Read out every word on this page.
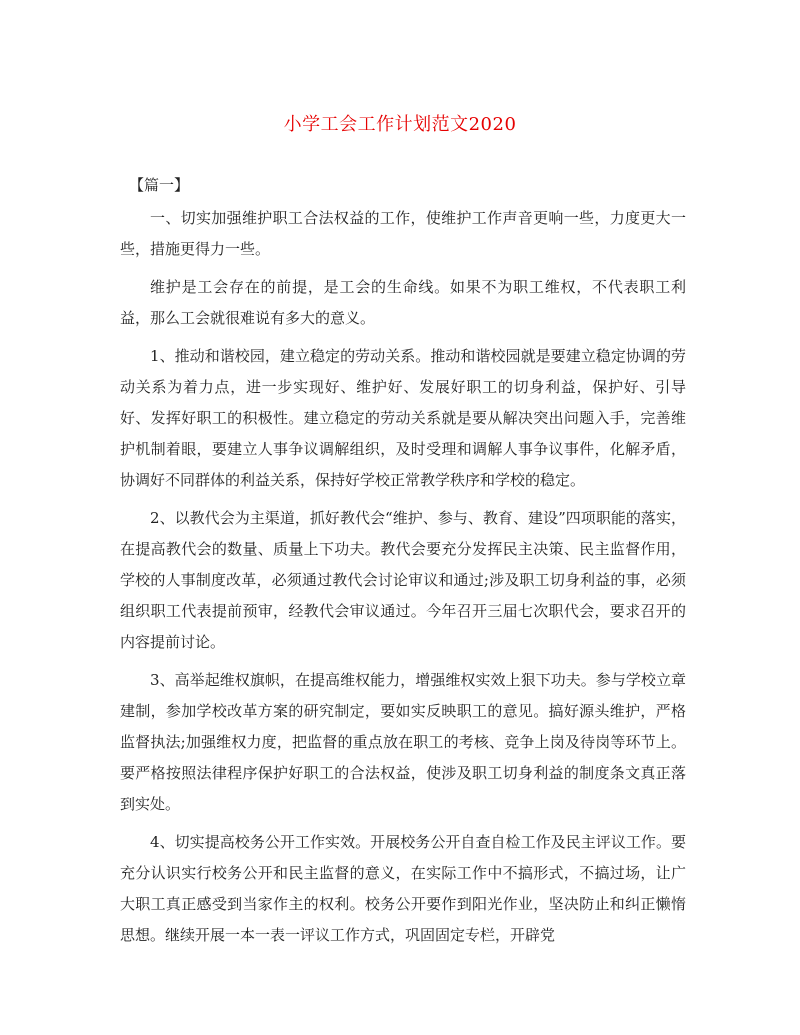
小学工会工作计划范文2020

【篇一】

一、切实加强维护职工合法权益的工作，使维护工作声音更响一些，力度更大一些，措施更得力一些。

维护是工会存在的前提，是工会的生命线。如果不为职工维权，不代表职工利益，那么工会就很难说有多大的意义。

1、推动和谐校园，建立稳定的劳动关系。推动和谐校园就是要建立稳定协调的劳动关系为着力点，进一步实现好、维护好、发展好职工的切身利益，保护好、引导好、发挥好职工的积极性。建立稳定的劳动关系就是要从解决突出问题入手，完善维护机制着眼，要建立人事争议调解组织，及时受理和调解人事争议事件，化解矛盾，协调好不同群体的利益关系，保持好学校正常教学秩序和学校的稳定。

2、以教代会为主渠道，抓好教代会“维护、参与、教育、建设”四项职能的落实，在提高教代会的数量、质量上下功夫。教代会要充分发挥民主决策、民主监督作用，学校的人事制度改革，必须通过教代会讨论审议和通过;涉及职工切身利益的事，必须组织职工代表提前预审，经教代会审议通过。今年召开三届七次职代会，要求召开的内容提前讨论。

3、高举起维权旗帜，在提高维权能力，增强维权实效上狠下功夫。参与学校立章建制，参加学校改革方案的研究制定，要如实反映职工的意见。搞好源头维护，严格监督执法;加强维权力度，把监督的重点放在职工的考核、竞争上岗及待岗等环节上。要严格按照法律程序保护好职工的合法权益，使涉及职工切身利益的制度条文真正落到实处。

4、切实提高校务公开工作实效。开展校务公开自查自检工作及民主评议工作。要充分认识实行校务公开和民主监督的意义，在实际工作中不搞形式，不搞过场，让广大职工真正感受到当家作主的权利。校务公开要作到阳光作业，坚决防止和纠正懒惰思想。继续开展一本一表一评议工作方式，巩固固定专栏，开辟党
